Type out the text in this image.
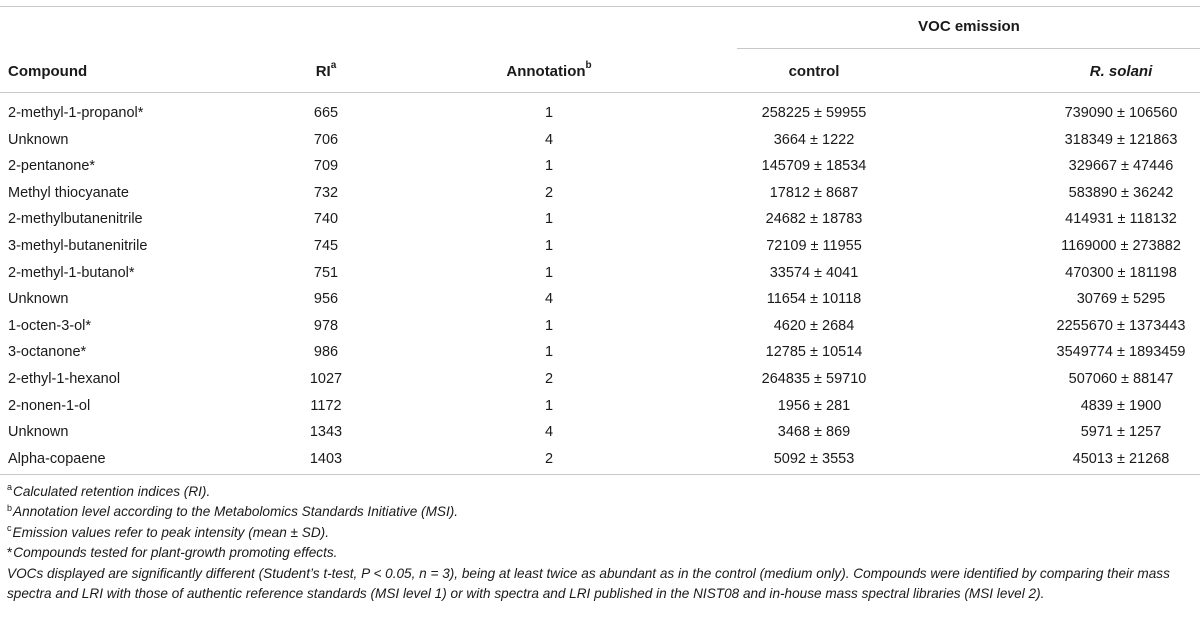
VOC emission
Compound	$RI^a$	Annotation$^b$	control	R. solani
2-methyl-1-propanol*	665	1	258225 ± 59955	739090 ± 106560
Unknown	706	4	3664 ± 1222	318349 ± 121863
2-pentanone*	709	1	145709 ± 18534	329667 ± 47446
Methyl thiocyanate	732	2	17812 ± 8687	583890 ± 36242
2-methylbutanenitrile	740	1	24682 ± 18783	414931 ± 118132
3-methyl-butanenitrile	745	1	72109 ± 11955	1169000 ± 273882
2-methyl-1-butanol*	751	1	33574 ± 4041	470300 ± 181198
Unknown	956	4	11654 ± 10118	30769 ± 5295
1-octen-3-ol*	978	1	4620 ± 2684	2255670 ± 1373443
3-octanone*	986	1	12785 ± 10514	3549774 ± 1893459
2-ethyl-1-hexanol	1027	2	264835 ± 59710	507060 ± 88147
2-nonen-1-ol	1172	1	1956 ± 281	4839 ± 1900
Unknown	1343	4	3468 ± 869	5971 ± 1257
Alpha-copaene	1403	2	5092 ± 3553	45013 ± 21268
$^a$Calculated retention indices (RI).
$^b$Annotation level according to the Metabolomics Standards Initiative (MSI).
$^c$Emission values refer to peak intensity (mean ± SD).
*Compounds tested for plant-growth promoting effects.
VOCs displayed are significantly different (Student’s t-test, P < 0.05, n = 3), being at least twice as abundant as in the control (medium only). Compounds were identified by comparing their mass spectra and LRI with those of authentic reference standards (MSI level 1) or with spectra and LRI published in the NIST08 and in-house mass spectral libraries (MSI level 2).
